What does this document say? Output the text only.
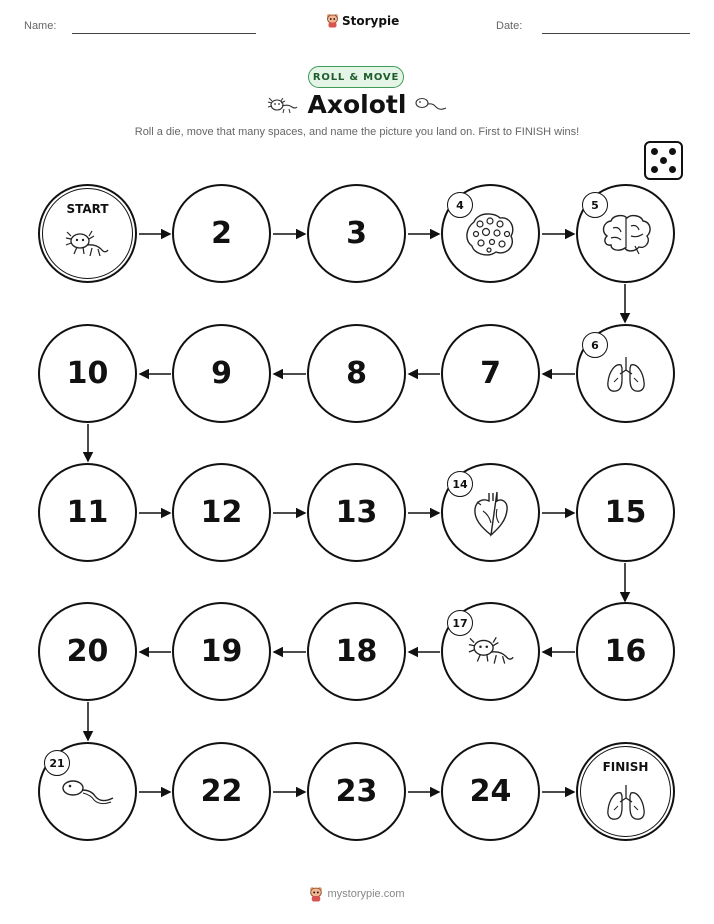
Name:	Storypie	Date:
ROLL & MOVE
Axolotl
Roll a die, move that many spaces, and name the picture you land on. First to FINISH wins!
START
2	3
4	5
6
7
8
9
10
11	12	13
14
15
16
17
18
19
20
21
22	23	24
FINISH
mystorypie.com
